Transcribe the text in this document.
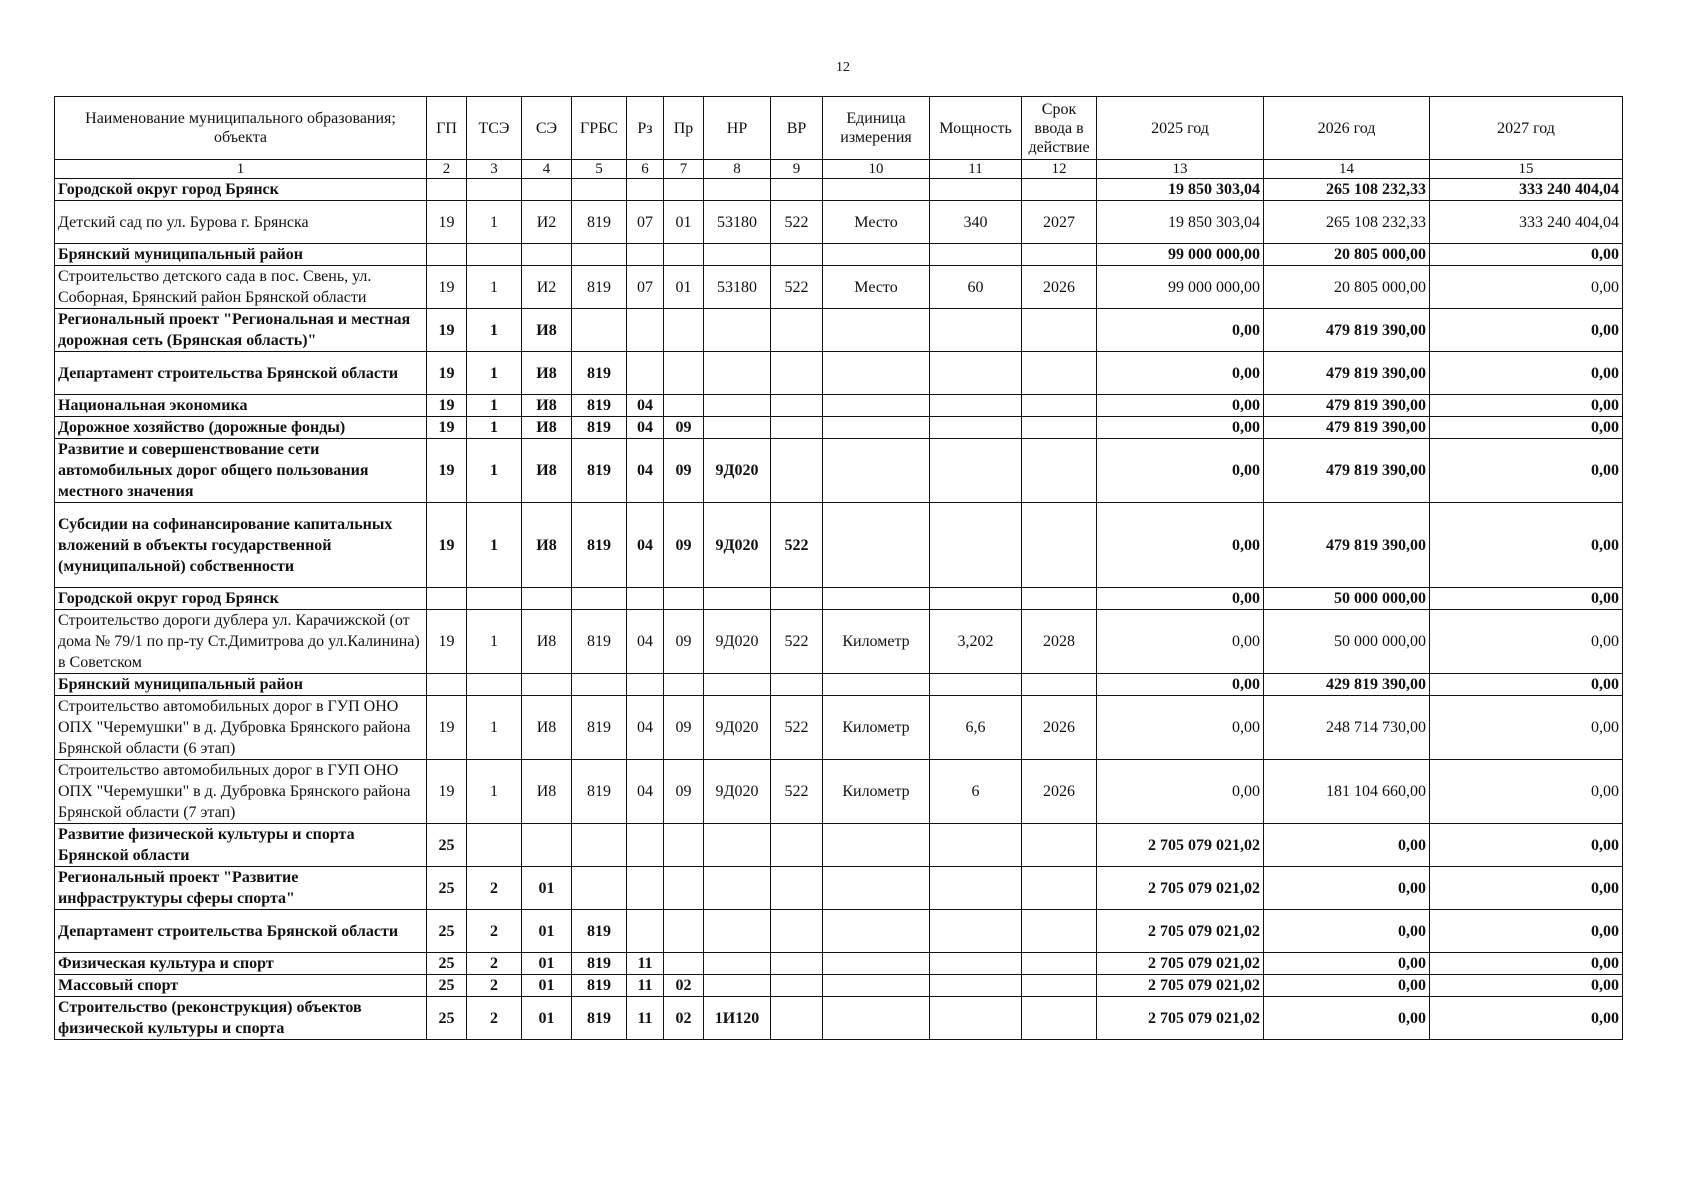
12
Наименование муниципального образования; объекта	ГП	ТСЭ	СЭ	ГРБС	Рз	Пр	НР	ВР	Единица измерения	Мощность	Срок ввода в действие	2025 год	2026 год	2027 год
1	2	3	4	5	6	7	8	9	10	11	12	13	14	15
Городской округ город Брянск												19 850 303,04	265 108 232,33	333 240 404,04
Детский сад по ул. Бурова г. Брянска	19	1	И2	819	07	01	53180	522	Место	340	2027	19 850 303,04	265 108 232,33	333 240 404,04
Брянский муниципальный район												99 000 000,00	20 805 000,00	0,00
Строительство детского сада в пос. Свень, ул. Соборная, Брянский район Брянской области	19	1	И2	819	07	01	53180	522	Место	60	2026	99 000 000,00	20 805 000,00	0,00
Региональный проект "Региональная и местная дорожная сеть (Брянская область)"	19	1	И8									0,00	479 819 390,00	0,00
Департамент строительства Брянской области	19	1	И8	819								0,00	479 819 390,00	0,00
Национальная экономика	19	1	И8	819	04							0,00	479 819 390,00	0,00
Дорожное хозяйство (дорожные фонды)	19	1	И8	819	04	09						0,00	479 819 390,00	0,00
Развитие и совершенствование сети автомобильных дорог общего пользования местного значения	19	1	И8	819	04	09	9Д020					0,00	479 819 390,00	0,00
Субсидии на софинансирование капитальных вложений в объекты государственной (муниципальной) собственности	19	1	И8	819	04	09	9Д020	522				0,00	479 819 390,00	0,00
Городской округ город Брянск												0,00	50 000 000,00	0,00
Строительство дороги дублера ул. Карачижской (от дома № 79/1 по пр-ту Ст.Димитрова до ул.Калинина) в Советском	19	1	И8	819	04	09	9Д020	522	Километр	3,202	2028	0,00	50 000 000,00	0,00
Брянский муниципальный район												0,00	429 819 390,00	0,00
Строительство автомобильных дорог в ГУП ОНО ОПХ "Черемушки" в д. Дубровка Брянского района Брянской области (6 этап)	19	1	И8	819	04	09	9Д020	522	Километр	6,6	2026	0,00	248 714 730,00	0,00
Строительство автомобильных дорог в ГУП ОНО ОПХ "Черемушки" в д. Дубровка Брянского района Брянской области (7 этап)	19	1	И8	819	04	09	9Д020	522	Километр	6	2026	0,00	181 104 660,00	0,00
Развитие физической культуры и спорта Брянской области	25											2 705 079 021,02	0,00	0,00
Региональный проект "Развитие инфраструктуры сферы спорта"	25	2	01									2 705 079 021,02	0,00	0,00
Департамент строительства Брянской области	25	2	01	819								2 705 079 021,02	0,00	0,00
Физическая культура и спорт	25	2	01	819	11							2 705 079 021,02	0,00	0,00
Массовый спорт	25	2	01	819	11	02						2 705 079 021,02	0,00	0,00
Строительство (реконструкция) объектов физической культуры и спорта	25	2	01	819	11	02	1И120					2 705 079 021,02	0,00	0,00
